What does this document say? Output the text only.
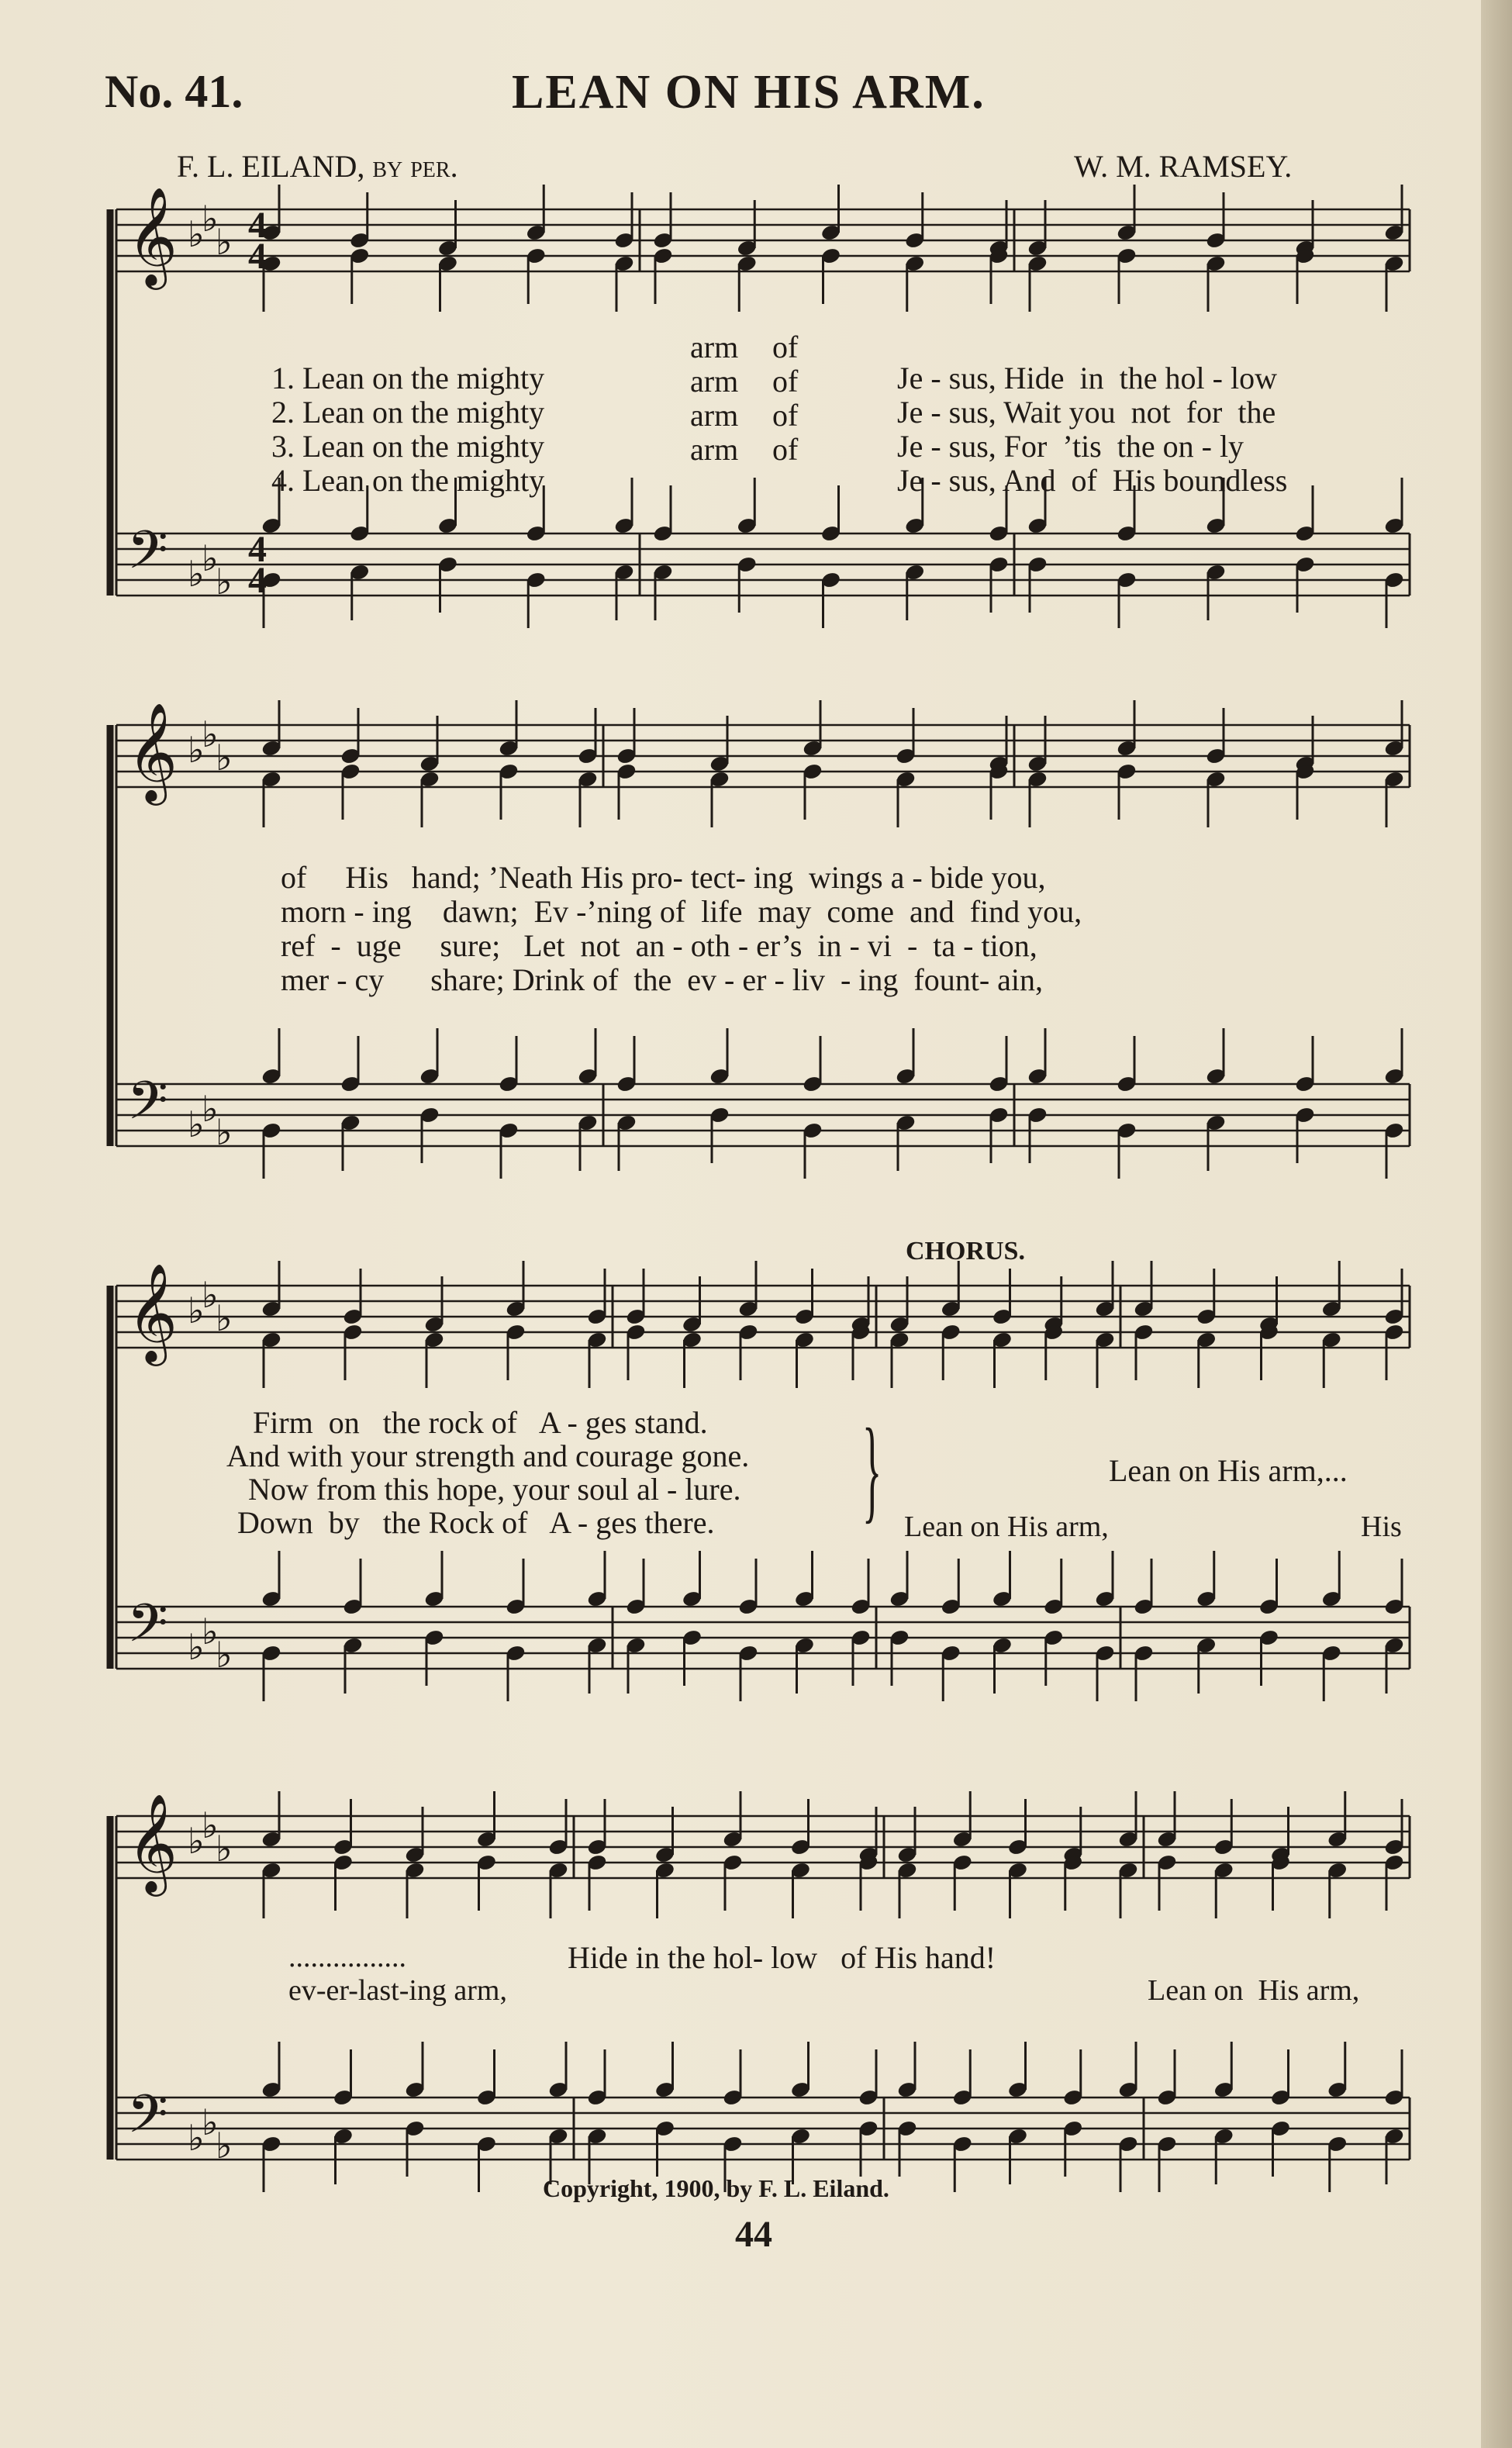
No. 41.	LEAN ON HIS ARM.
F. L. EILAND, by per.	W. M. RAMSEY.
𝄞
𝄢
♭
♭
♭
♭
♭
♭
𝄞
𝄢
♭
♭
♭
♭
♭
♭
𝄞
𝄢
♭
♭
♭
♭
♭
♭
𝄞
𝄢
♭
♭
♭
♭
♭
♭
4
4
4
4

1. Lean on the mighty

arm of

Je - sus, Hide in the hol - low

2. Lean on the mighty

arm of

Je - sus, Wait you not for the

3. Lean on the mighty

arm of

Je - sus, For ’tis the on - ly

4. Lean on the mighty

arm of

Je - sus, And of His boundless

of His hand; ’Neath His pro- tect- ing wings a - bide you,
morn - ing dawn; Ev -’ning of  life  may come and find you,
ref  -  uge sure; Let  not  an - oth - er’s in - vi  -  ta - tion,
mer - cy share; Drink of  the  ev - er - liv - ing fount- ain,
CHORUS.
Firm  on   the rock of   A - ges stand.
And with your strength and courage gone.
Now from this hope, your soul al - lure.
Down  by   the Rock of   A - ges there. }	Lean on His arm,...
Lean on His arm,	His
................	Hide in the hol- low   of His hand!
ev-er-last-ing arm,	Lean on  His arm,
Copyright, 1900, by F. L. Eiland.
44
